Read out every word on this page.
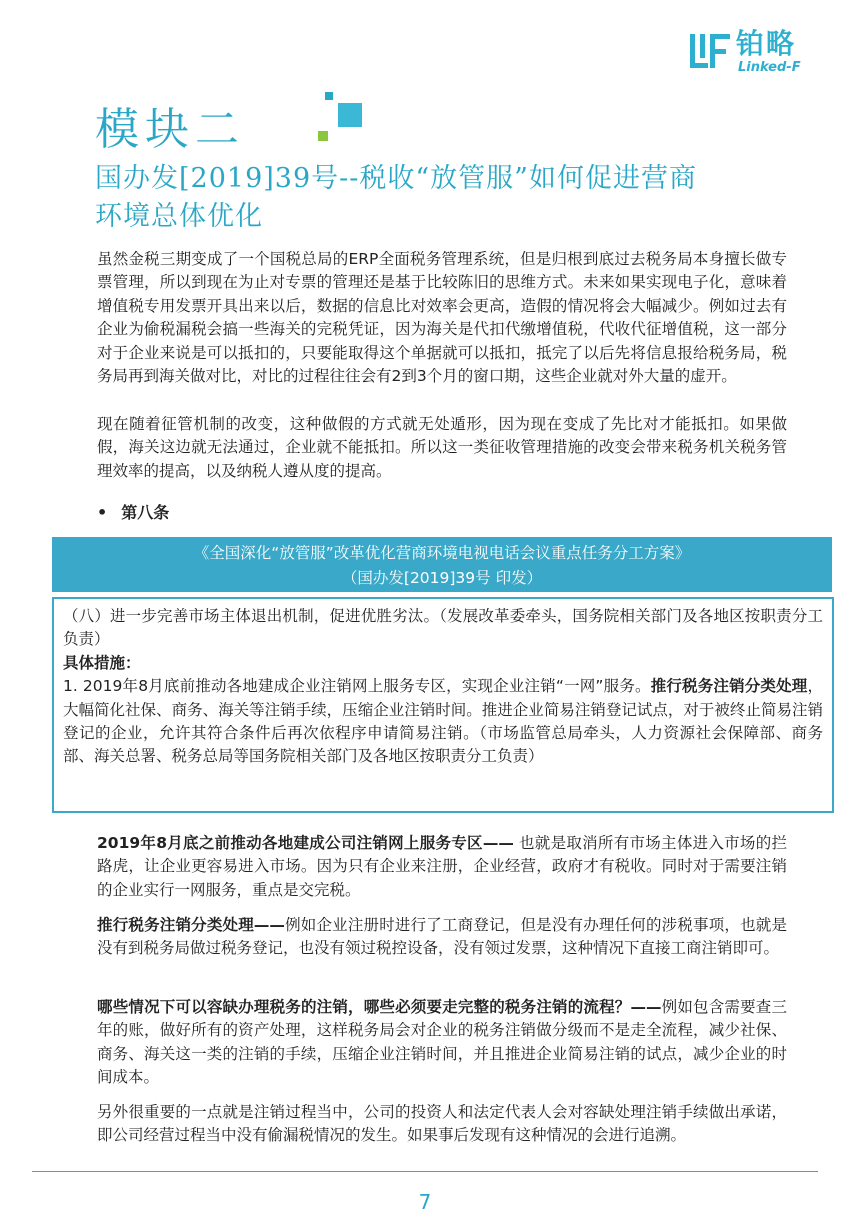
铂略
Linked-F
模块二
国办发[2019]39号--税收“放管服”如何促进营商
环境总体优化
虽然金税三期变成了一个国税总局的ERP全面税务管理系统，但是归根到底过去税务局本身擅长做专票管理，所以到现在为止对专票的管理还是基于比较陈旧的思维方式。未来如果实现电子化，意味着增值税专用发票开具出来以后，数据的信息比对效率会更高，造假的情况将会大幅减少。例如过去有企业为偷税漏税会搞一些海关的完税凭证，因为海关是代扣代缴增值税，代收代征增值税，这一部分对于企业来说是可以抵扣的，只要能取得这个单据就可以抵扣，抵完了以后先将信息报给税务局，税务局再到海关做对比，对比的过程往往会有2到3个月的窗口期，这些企业就对外大量的虚开。
现在随着征管机制的改变，这种做假的方式就无处遁形，因为现在变成了先比对才能抵扣。如果做假，海关这边就无法通过，企业就不能抵扣。所以这一类征收管理措施的改变会带来税务机关税务管理效率的提高，以及纳税人遵从度的提高。
• 第八条
《全国深化“放管服”改革优化营商环境电视电话会议重点任务分工方案》
（国办发[2019]39号 印发）

（八）进一步完善市场主体退出机制，促进优胜劣汰。（发展改革委牵头，国务院相关部门及各地区按职责分工负责）

具体措施：

1. 2019年8月底前推动各地建成企业注销网上服务专区，实现企业注销“一网”服务。推行税务注销分类处理，大幅简化社保、商务、海关等注销手续，压缩企业注销时间。推进企业简易注销登记试点，对于被终止简易注销登记的企业，允许其符合条件后再次依程序申请简易注销。（市场监管总局牵头，人力资源社会保障部、商务部、海关总署、税务总局等国务院相关部门及各地区按职责分工负责）

2019年8月底之前推动各地建成公司注销网上服务专区—— 也就是取消所有市场主体进入市场的拦路虎，让企业更容易进入市场。因为只有企业来注册，企业经营，政府才有税收。同时对于需要注销的企业实行一网服务，重点是交完税。
推行税务注销分类处理——例如企业注册时进行了工商登记，但是没有办理任何的涉税事项，也就是没有到税务局做过税务登记，也没有领过税控设备，没有领过发票，这种情况下直接工商注销即可。
哪些情况下可以容缺办理税务的注销，哪些必须要走完整的税务注销的流程？——例如包含需要查三年的账，做好所有的资产处理，这样税务局会对企业的税务注销做分级而不是走全流程，减少社保、商务、海关这一类的注销的手续，压缩企业注销时间，并且推进企业简易注销的试点，减少企业的时间成本。
另外很重要的一点就是注销过程当中，公司的投资人和法定代表人会对容缺处理注销手续做出承诺，即公司经营过程当中没有偷漏税情况的发生。如果事后发现有这种情况的会进行追溯。
7
